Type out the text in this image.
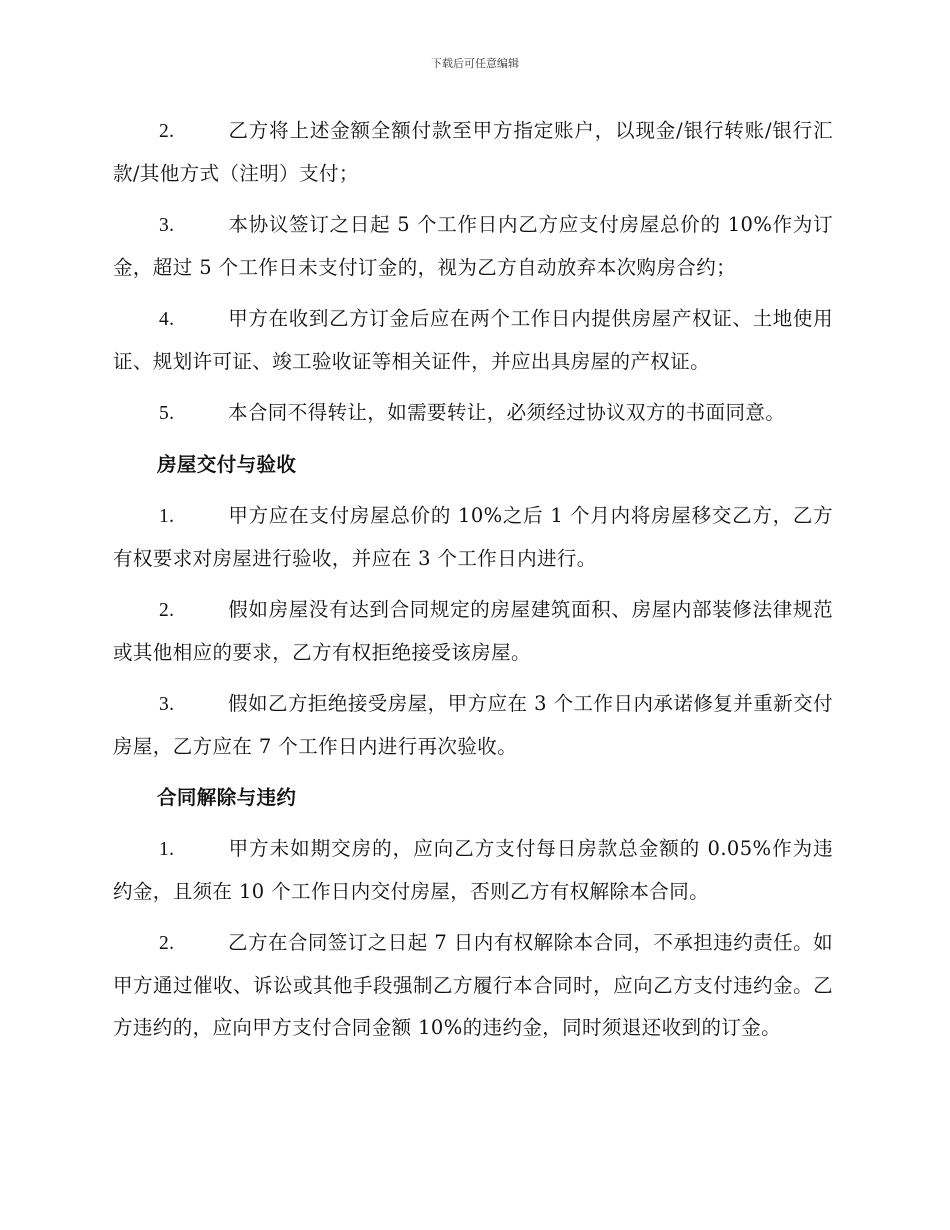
下载后可任意编辑

2.	乙方将上述金额全额付款至甲方指定账户，以现金/银行转账/银行汇款/其他方式（注明）支付；

3.	本协议签订之日起 5 个工作日内乙方应支付房屋总价的 10%作为订金，超过 5 个工作日未支付订金的，视为乙方自动放弃本次购房合约；

4.	甲方在收到乙方订金后应在两个工作日内提供房屋产权证、土地使用证、规划许可证、竣工验收证等相关证件，并应出具房屋的产权证。

5.	本合同不得转让，如需要转让，必须经过协议双方的书面同意。

房屋交付与验收

1.	甲方应在支付房屋总价的 10%之后 1 个月内将房屋移交乙方，乙方有权要求对房屋进行验收，并应在 3 个工作日内进行。

2.	假如房屋没有达到合同规定的房屋建筑面积、房屋内部装修法律规范或其他相应的要求，乙方有权拒绝接受该房屋。

3.	假如乙方拒绝接受房屋，甲方应在 3 个工作日内承诺修复并重新交付房屋，乙方应在 7 个工作日内进行再次验收。

合同解除与违约

1.	甲方未如期交房的，应向乙方支付每日房款总金额的 0.05%作为违约金，且须在 10 个工作日内交付房屋，否则乙方有权解除本合同。

2.	乙方在合同签订之日起 7 日内有权解除本合同，不承担违约责任。如甲方通过催收、诉讼或其他手段强制乙方履行本合同时，应向乙方支付违约金。乙方违约的，应向甲方支付合同金额 10%的违约金，同时须退还收到的订金。
